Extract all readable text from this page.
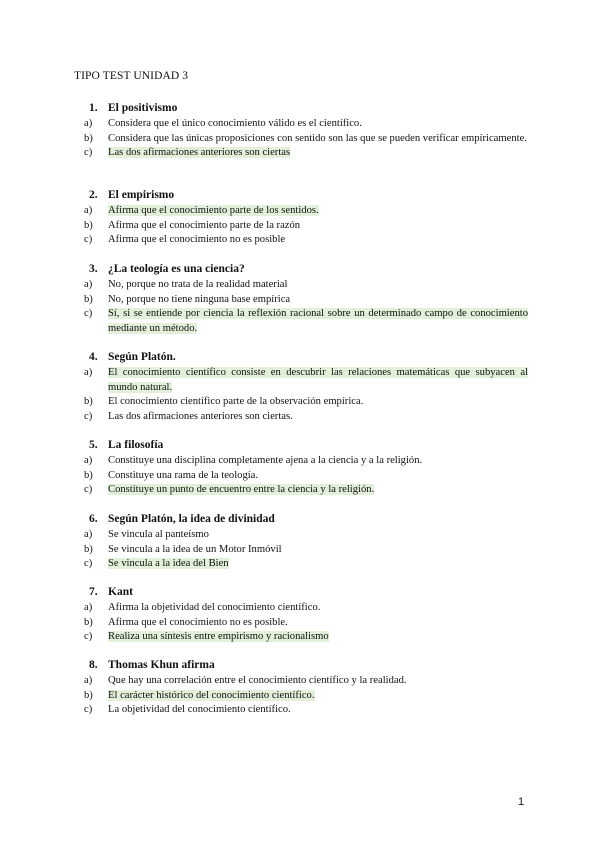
TIPO TEST UNIDAD 3
1. El positivismo
a)	Considera que el único conocimiento válido es el científico.
b)	Considera que las únicas proposiciones con sentido son las que se pueden verificar empíricamente.
c)	Las dos afirmaciones anteriores son ciertas
2. El empirismo
a)	Afirma que el conocimiento parte de los sentidos.
b)	Afirma que el conocimiento parte de la razón
c)	Afirma que el conocimiento no es posible
3. ¿La teología es una ciencia?
a)	No, porque no trata de la realidad material
b)	No, porque no tiene ninguna base empírica
c)	Sí, si se entiende por ciencia la reflexión racional sobre un determinado campo de conocimiento mediante un método.
4. Según Platón.
a)	El conocimiento científico consiste en descubrir las relaciones matemáticas que subyacen al mundo natural.
b)	El conocimiento científico parte de la observación empírica.
c)	Las dos afirmaciones anteriores son ciertas.
5. La filosofía
a)	Constituye una disciplina completamente ajena a la ciencia y a la religión.
b)	Constituye una rama de la teología.
c)	Constituye un punto de encuentro entre la ciencia y la religión.
6. Según Platón, la idea de divinidad
a)	Se vincula al panteísmo
b)	Se vincula a la idea de un Motor Inmóvil
c)	Se vincula a la idea del Bien
7. Kant
a)	Afirma la objetividad del conocimiento científico.
b)	Afirma que el conocimiento no es posible.
c)	Realiza una síntesis entre empirismo y racionalismo
8. Thomas Khun afirma
a)	Que hay una correlación entre el conocimiento científico y la realidad.
b)	El carácter histórico del conocimiento científico.
c)	La objetividad del conocimiento científico.
1
